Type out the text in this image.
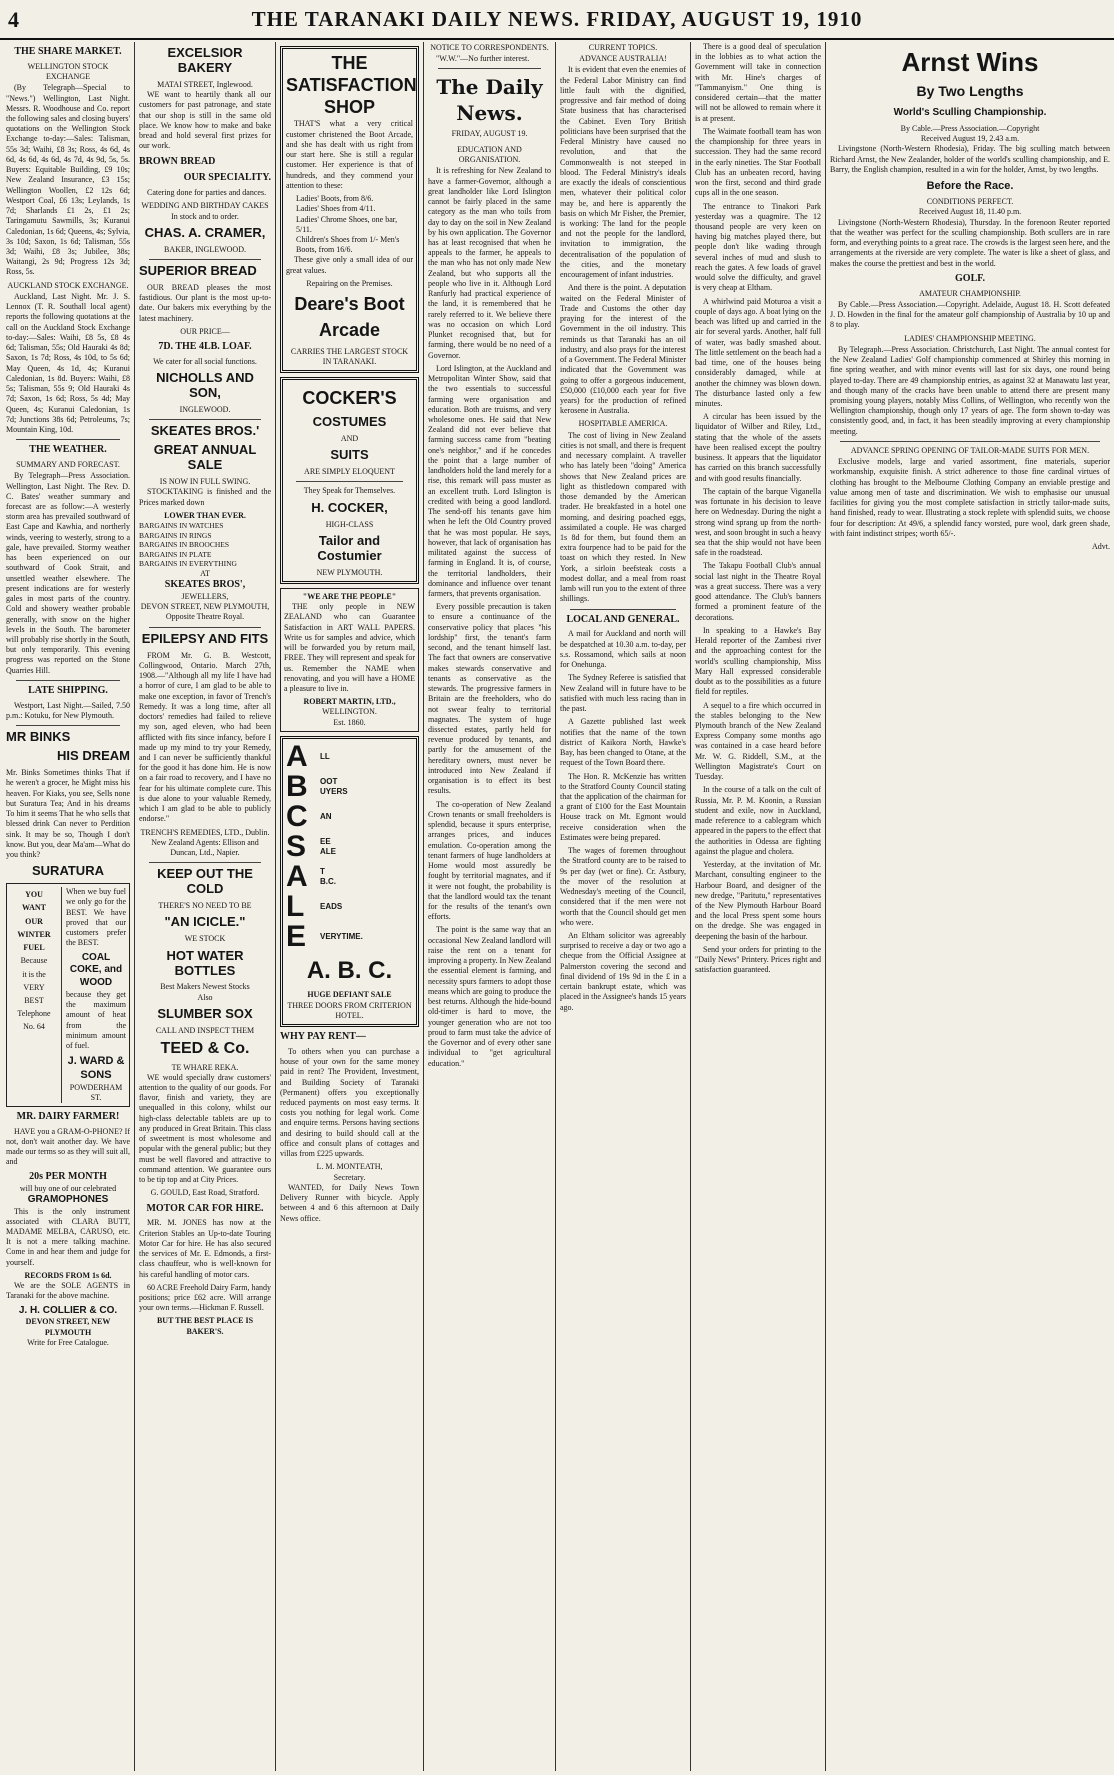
4	THE TARANAKI DAILY NEWS. FRIDAY, AUGUST 19, 1910
THE SHARE MARKET.
WELLINGTON STOCK EXCHANGE
(By Telegraph—Special to "News.") Wellington, Last Night. Messrs. R. Woodhouse and Co. report the following sales and closing buyers' quotations on the Wellington Stock Exchange to-day:—Sales: Talisman, 55s 3d; Waihi, £8 3s; Ross, 4s 6d, 4s 6d, 4s 6d, 4s 6d, 4s 7d, 4s 9d, 5s, 5s. Buyers: Equitable Building, £9 10s; New Zealand Insurance, £3 15s; Wellington Woollen, £2 12s 6d; Westport Coal, £6 13s; Leylands, 1s 7d; Sharlands £1 2s, £1 2s; Taringamutu Sawmills, 3s; Kuranui Caledonian, 1s 6d; Queens, 4s; Sylvia, 3s 10d; Saxon, 1s 6d; Talisman, 55s 3d; Waihi, £8 3s; Jubilee, 38s; Waitangi, 2s 9d; Progress 12s 3d; Ross, 5s.
AUCKLAND STOCK EXCHANGE.
Auckland, Last Night. Mr. J. S. Lennox (T. R. Southall local agent) reports the following quotations at the call on the Auckland Stock Exchange to-day:—Sales: Waihi, £8 5s, £8 4s 6d; Talisman, 55s; Old Hauraki 4s 8d; Saxon, 1s 7d; Ross, 4s 10d, to 5s 6d; May Queen, 4s 1d, 4s; Kuranui Caledonian, 1s 8d. Buyers: Waihi, £8 5s; Talisman, 55s 9; Old Hauraki 4s 7d; Saxon, 1s 6d; Ross, 5s 4d; May Queen, 4s; Kuranui Caledonian, 1s 7d; Junctions 38s 6d; Petroleums, 7s; Mountain King, 10d.
THE WEATHER.
SUMMARY AND FORECAST.
By Telegraph—Press Association. Wellington, Last Night. The Rev. D. C. Bates' weather summary and forecast are as follow:—A westerly storm area has prevailed southward of East Cape and Kawhia, and northerly winds, veering to westerly, strong to a gale, have prevailed. Stormy weather has been experienced on our southward of Cook Strait, and unsettled weather elsewhere. The present indications are for westerly gales in most parts of the country. Cold and showery weather probable generally, with snow on the higher levels in the South. The barometer will probably rise shortly in the South, but only temporarily. This evening progress was reported on the Stone Quarries Hill.
LATE SHIPPING.
Westport, Last Night.—Sailed, 7.50 p.m.: Kotuku, for New Plymouth.
MR BINKS
HIS DREAM
Mr. Binks Sometimes thinks That if he weren't a grocer, he Might miss his heaven. For Kiaks, you see, Sells none but Suratura Tea; And in his dreams To him it seems That he who sells that blessed drink Can never to Perdition sink. It may be so, Though I don't know. But you, dear Ma'am—What do you think?
SURATURA
YOU
WANT
OUR
WINTER
FUEL
Because
it is the
VERY
BEST
Telephone
No. 64
When we buy fuel we only go for the BEST. We have proved that our customers prefer the BEST.
COAL
COKE, and
WOOD
because they get the maximum amount of heat from the minimum amount of fuel.
J. WARD &
SONS
POWDERHAM ST.
MR. DAIRY FARMER!
HAVE you a GRAM-O-PHONE? If not, don't wait another day. We have made our terms so as they will suit all, and
20s PER MONTH
will buy one of our celebrated
GRAMOPHONES
This is the only instrument associated with CLARA BUTT, MADAME MELBA, CARUSO, etc. It is not a mere talking machine. Come in and hear them and judge for yourself.
RECORDS FROM 1s 6d.
We are the SOLE AGENTS in Taranaki for the above machine.
J. H. COLLIER & CO.
DEVON STREET, NEW PLYMOUTH
Write for Free Catalogue.
EXCELSIOR BAKERY
MATAI STREET, Inglewood.
WE want to heartily thank all our customers for past patronage, and state that our shop is still in the same old place. We know how to make and bake bread and hold several first prizes for our work.
BROWN BREAD
OUR SPECIALITY.
Catering done for parties and dances.
WEDDING AND BIRTHDAY CAKES In stock and to order.
CHAS. A. CRAMER,
BAKER, INGLEWOOD.
SUPERIOR BREAD
OUR BREAD pleases the most fastidious. Our plant is the most up-to-date. Our bakers mix everything by the latest machinery.
OUR PRICE—
7D. THE 4LB. LOAF.
We cater for all social functions.
NICHOLLS AND SON,
INGLEWOOD.
SKEATES BROS.'
GREAT ANNUAL SALE
IS NOW IN FULL SWING.
STOCKTAKING is finished and the Prices marked down
LOWER THAN EVER.
BARGAINS IN WATCHES
BARGAINS IN RINGS
BARGAINS IN BROOCHES
BARGAINS IN PLATE
BARGAINS IN EVERYTHING
AT
SKEATES BROS',
JEWELLERS,
DEVON STREET, NEW PLYMOUTH, Opposite Theatre Royal.
EPILEPSY AND FITS
FROM Mr. G. B. Westcott, Collingwood, Ontario. March 27th, 1908.—"Although all my life I have had a horror of cure, I am glad to be able to make one exception, in favor of Trench's Remedy. It was a long time, after all doctors' remedies had failed to relieve my son, aged eleven, who had been afflicted with fits since infancy, before I made up my mind to try your Remedy, and I can never be sufficiently thankful for the good it has done him. He is now on a fair road to recovery, and I have no fear for his ultimate complete cure. This is due alone to your valuable Remedy, which I am glad to be able to publicly endorse."
TRENCH'S REMEDIES, LTD., Dublin.
New Zealand Agents: Ellison and Duncan, Ltd., Napier.
KEEP OUT THE COLD
THERE'S NO NEED TO BE
"AN ICICLE."
WE STOCK
HOT WATER BOTTLES
Best Makers Newest Stocks
Also
SLUMBER SOX
CALL AND INSPECT THEM
TEED & Co.
TE WHARE REKA.
WE would specially draw customers' attention to the quality of our goods. For flavor, finish and variety, they are unequalled in this colony, whilst our high-class delectable tablets are up to any produced in Great Britain. This class of sweetment is most wholesome and popular with the general public; but they must be well flavored and attractive to command attention. We guarantee ours to be tip top and at City Prices.
G. GOULD, East Road, Stratford.
MOTOR CAR FOR HIRE.
MR. M. JONES has now at the Criterion Stables an Up-to-date Touring Motor Car for hire. He has also secured the services of Mr. E. Edmonds, a first-class chauffeur, who is well-known for his careful handling of motor cars.
60 ACRE Freehold Dairy Farm, handy positions; price £62 acre. Will arrange your own terms.—Hickman F. Russell.
BUT THE BEST PLACE IS BAKER'S.
THE
SATISFACTION
SHOP
THAT'S what a very critical customer christened the Boot Arcade, and she has dealt with us right from our start here. She is still a regular customer. Her experience is that of hundreds, and they commend your attention to these:
Ladies' Boots, from 8/6.
Ladies' Shoes from 4/11.
Ladies' Chrome Shoes, one bar, 5/11.
Children's Shoes from 1/- Men's Boots, from 16/6.
These give only a small idea of our great values.
Repairing on the Premises.
Deare's Boot
Arcade
CARRIES THE LARGEST STOCK IN TARANAKI.
COCKER'S
COSTUMES
AND
SUITS
ARE SIMPLY ELOQUENT
They Speak for Themselves.
H. COCKER,
HIGH-CLASS
Tailor and Costumier
NEW PLYMOUTH.
"WE ARE THE PEOPLE"
THE only people in NEW ZEALAND who can Guarantee Satisfaction in ART WALL PAPERS. Write us for samples and advice, which will be forwarded you by return mail, FREE. They will represent and speak for us. Remember the NAME when renovating, and you will have a HOME a pleasure to live in.
ROBERT MARTIN, LTD.,
WELLINGTON.
Est. 1860.
A	LL
B	OOT
UYERS
C	AN
S	EE
ALE
A	T
B.C.
L	EADS
E	VERYTIME.
A. B. C.
HUGE DEFIANT SALE
THREE DOORS FROM CRITERION HOTEL.
WHY PAY RENT—
To others when you can purchase a house of your own for the same money paid in rent? The Provident, Investment, and Building Society of Taranaki (Permanent) offers you exceptionally reduced payments on most easy terms. It costs you nothing for legal work. Come and enquire terms. Persons having sections and desiring to build should call at the office and consult plans of cottages and villas from £225 upwards.
L. M. MONTEATH,
Secretary.
WANTED, for Daily News Town Delivery Runner with bicycle. Apply between 4 and 6 this afternoon at Daily News office.
NOTICE TO CORRESPONDENTS.
"W.W."—No further interest.
The Daily News.
FRIDAY, AUGUST 19.
EDUCATION AND ORGANISATION.
It is refreshing for New Zealand to have a farmer-Governor, although a great landholder like Lord Islington cannot be fairly placed in the same category as the man who toils from day to day on the soil in New Zealand by his own application. The Governor has at least recognised that when he appeals to the farmer, he appeals to the man who has not only made New Zealand, but who supports all the people who live in it. Although Lord Ranfurly had practical experience of the land, it is remembered that he rarely referred to it. We believe there was no occasion on which Lord Plunket recognised that, but for farming, there would be no need of a Governor.
Lord Islington, at the Auckland and Metropolitan Winter Show, said that the two essentials to successful farming were organisation and education. Both are truisms, and very wholesome ones. He said that New Zealand did not ever believe that farming success came from "beating one's neighbor," and if he concedes the point that a large number of landholders hold the land merely for a rise, this remark will pass muster as an excellent truth. Lord Islington is credited with being a good landlord. The send-off his tenants gave him when he left the Old Country proved that he was most popular. He says, however, that lack of organisation has militated against the success of farming in England. It is, of course, the territorial landholders, their dominance and influence over tenant farmers, that prevents organisation.
Every possible precaution is taken to ensure a continuance of the conservative policy that places "his lordship" first, the tenant's farm second, and the tenant himself last. The fact that owners are conservative makes stewards conservative and tenants as conservative as the stewards. The progressive farmers in Britain are the freeholders, who do not swear fealty to territorial magnates. The system of huge dissected estates, partly held for revenue produced by tenants, and partly for the amusement of the hereditary owners, must never be introduced into New Zealand if organisation is to effect its best results.
The co-operation of New Zealand Crown tenants or small freeholders is splendid, because it spurs enterprise, arranges prices, and induces emulation. Co-operation among the tenant farmers of huge landholders at Home would most assuredly be fought by territorial magnates, and if it were not fought, the probability is that the landlord would tax the tenant for the results of the tenant's own efforts.
The point is the same way that an occasional New Zealand landlord will raise the rent on a tenant for improving a property. In New Zealand the essential element is farming, and necessity spurs farmers to adopt those means which are going to produce the best returns. Although the hide-bound old-timer is hard to move, the younger generation who are not too proud to farm must take the advice of the Governor and of every other sane individual to "get agricultural education."
CURRENT TOPICS.
ADVANCE AUSTRALIA!
It is evident that even the enemies of the Federal Labor Ministry can find little fault with the dignified, progressive and fair method of doing State business that has characterised the Cabinet. Even Tory British politicians have been surprised that the Federal Ministry have caused no revolution, and that the Commonwealth is not steeped in blood. The Federal Ministry's ideals are exactly the ideals of conscientious men, whatever their political color may be, and here is apparently the basis on which Mr Fisher, the Premier, is working: The land for the people and not the people for the landlord, invitation to immigration, the decentralisation of the population of the cities, and the monetary encouragement of infant industries.
And there is the point. A deputation waited on the Federal Minister of Trade and Customs the other day praying for the interest of the Government in the oil industry. This reminds us that Taranaki has an oil industry, and also prays for the interest of a Government. The Federal Minister indicated that the Government was going to offer a gorgeous inducement, £50,000 (£10,000 each year for five years) for the production of refined kerosene in Australia.
HOSPITABLE AMERICA.
The cost of living in New Zealand cities is not small, and there is frequent and necessary complaint. A traveller who has lately been "doing" America shows that New Zealand prices are light as thistledown compared with those demanded by the American trader. He breakfasted in a hotel one morning, and desiring poached eggs, assimilated a couple. He was charged 1s 8d for them, but found them an extra fourpence had to be paid for the toast on which they rested. In New York, a sirloin beefsteak costs a modest dollar, and a meal from roast lamb will run you to the extent of three shillings.
LOCAL AND GENERAL.
A mail for Auckland and north will be despatched at 10.30 a.m. to-day, per s.s. Rossamond, which sails at noon for Onehunga.
The Sydney Referee is satisfied that New Zealand will in future have to be satisfied with much less racing than in the past.
A Gazette published last week notifies that the name of the town district of Kaikora North, Hawke's Bay, has been changed to Otane, at the request of the Town Board there.
The Hon. R. McKenzie has written to the Stratford County Council stating that the application of the chairman for a grant of £100 for the East Mountain House track on Mt. Egmont would receive consideration when the Estimates were being prepared.
The wages of foremen throughout the Stratford county are to be raised to 9s per day (wet or fine). Cr. Astbury, the mover of the resolution at Wednesday's meeting of the Council, considered that if the men were not worth that the Council should get men who were.
An Eltham solicitor was agreeably surprised to receive a day or two ago a cheque from the Official Assignee at Palmerston covering the second and final dividend of 19s 9d in the £ in a certain bankrupt estate, which was placed in the Assignee's hands 15 years ago.
There is a good deal of speculation in the lobbies as to what action the Government will take in connection with Mr. Hine's charges of "Tammanyism." One thing is considered certain—that the matter will not be allowed to remain where it is at present.
The Waimate football team has won the championship for three years in succession. They had the same record in the early nineties. The Star Football Club has an unbeaten record, having won the first, second and third grade cups all in the one season.
The entrance to Tinakori Park yesterday was a quagmire. The 12 thousand people are very keen on having big matches played there, but people don't like wading through several inches of mud and slush to reach the gates. A few loads of gravel would solve the difficulty, and gravel is very cheap at Eltham.
A whirlwind paid Moturoa a visit a couple of days ago. A boat lying on the beach was lifted up and carried in the air for several yards. Another, half full of water, was badly smashed about. The little settlement on the beach had a bad time, one of the houses being considerably damaged, while at another the chimney was blown down. The disturbance lasted only a few minutes.
A circular has been issued by the liquidator of Wilber and Riley, Ltd., stating that the whole of the assets have been realised except the poultry business. It appears that the liquidator has carried on this branch successfully and with good results financially.
The captain of the barque Viganella was fortunate in his decision to leave here on Wednesday. During the night a strong wind sprang up from the north-west, and soon brought in such a heavy sea that the ship would not have been safe in the roadstead.
The Takapu Football Club's annual social last night in the Theatre Royal was a great success. There was a very good attendance. The Club's banners formed a prominent feature of the decorations.
In speaking to a Hawke's Bay Herald reporter of the Zambesi river and the approaching contest for the world's sculling championship, Miss Mary Hall expressed considerable doubt as to the possibilities as a future field for reptiles.
A sequel to a fire which occurred in the stables belonging to the New Plymouth branch of the New Zealand Express Company some months ago was contained in a case heard before Mr. W. G. Riddell, S.M., at the Wellington Magistrate's Court on Tuesday.
In the course of a talk on the cult of Russia, Mr. P. M. Koonin, a Russian student and exile, now in Auckland, made reference to a cablegram which appeared in the papers to the effect that the authorities in Odessa are fighting against the plague and cholera.
Yesterday, at the invitation of Mr. Marchant, consulting engineer to the Harbour Board, and designer of the new dredge, "Paritutu," representatives of the New Plymouth Harbour Board and the local Press spent some hours on the dredge. She was engaged in deepening the basin of the harbour.
Send your orders for printing to the "Daily News" Printery. Prices right and satisfaction guaranteed.
Arnst Wins
By Two Lengths
World's Sculling Championship.
By Cable.—Press Association.—Copyright
Received August 19, 2.43 a.m.
Livingstone (North-Western Rhodesia), Friday. The big sculling match between Richard Arnst, the New Zealander, holder of the world's sculling championship, and E. Barry, the English champion, resulted in a win for the holder, Arnst, by two lengths.
Before the Race.
CONDITIONS PERFECT.
Received August 18, 11.40 p.m.
Livingstone (North-Western Rhodesia), Thursday. In the forenoon Reuter reported that the weather was perfect for the sculling championship. Both scullers are in rare form, and everything points to a great race. The crowds is the largest seen here, and the arrangements at the riverside are very complete. The water is like a sheet of glass, and makes the course the prettiest and best in the world.
GOLF.
AMATEUR CHAMPIONSHIP.
By Cable.—Press Association.—Copyright. Adelaide, August 18. H. Scott defeated J. D. Howden in the final for the amateur golf championship of Australia by 10 up and 8 to play.
LADIES' CHAMPIONSHIP MEETING.
By Telegraph.—Press Association. Christchurch, Last Night. The annual contest for the New Zealand Ladies' Golf championship commenced at Shirley this morning in fine spring weather, and with minor events will last for six days, one round being played to-day. There are 49 championship entries, as against 32 at Manawatu last year, and though many of the cracks have been unable to attend there are present many promising young players, notably Miss Collins, of Wellington, who recently won the Wellington championship, though only 17 years of age. The form shown to-day was consistently good, and, in fact, it has been steadily improving at every championship meeting.
ADVANCE SPRING OPENING OF TAILOR-MADE SUITS FOR MEN.
Exclusive models, large and varied assortment, fine materials, superior workmanship, exquisite finish. A strict adherence to those fine cardinal virtues of clothing has brought to the Melbourne Clothing Company an enviable prestige and value among men of taste and discrimination. We wish to emphasise our unusual facilities for giving you the most complete satisfaction in strictly tailor-made suits, hand finished, ready to wear. Illustrating a stock replete with splendid suits, we choose four for description: At 49/6, a splendid fancy worsted, pure wool, dark green shade, with faint indistinct stripes; worth 65/-.
Advt.
